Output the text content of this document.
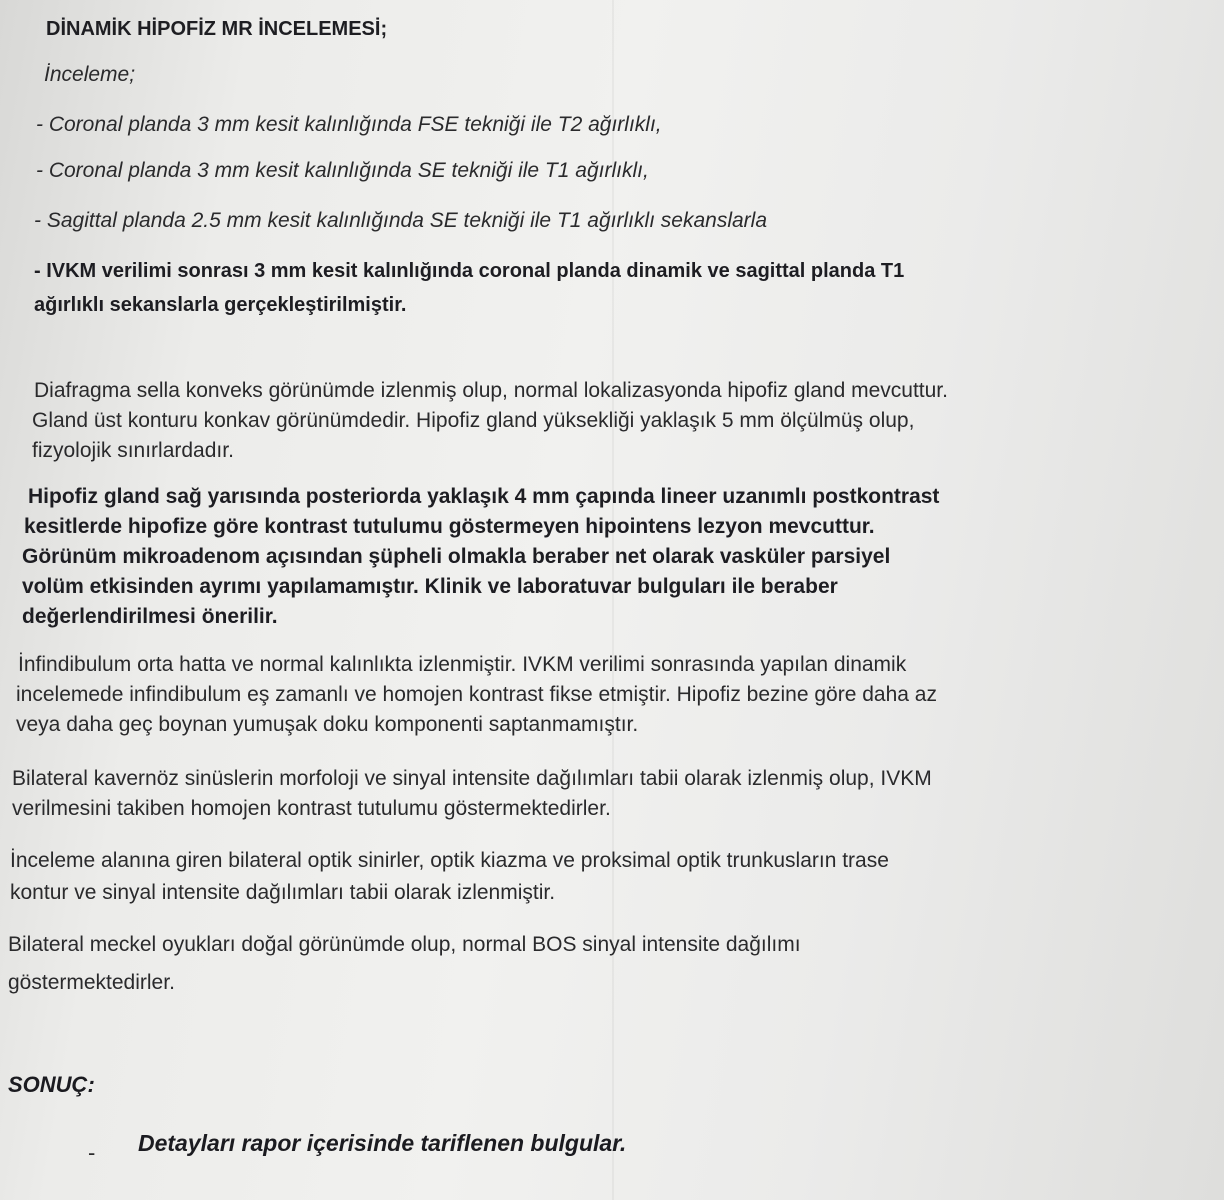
DİNAMİK HİPOFİZ MR İNCELEMESİ;
İnceleme;
- Coronal planda 3 mm kesit kalınlığında FSE tekniği ile T2 ağırlıklı,
- Coronal planda 3 mm kesit kalınlığında SE tekniği ile T1 ağırlıklı,
- Sagittal planda 2.5 mm kesit kalınlığında SE tekniği ile T1 ağırlıklı sekanslarla
- IVKM verilimi sonrası 3 mm kesit kalınlığında coronal planda dinamik ve sagittal planda T1
ağırlıklı sekanslarla gerçekleştirilmiştir.
Diafragma sella konveks görünümde izlenmiş olup, normal lokalizasyonda hipofiz gland mevcuttur.
Gland üst konturu konkav görünümdedir. Hipofiz gland yüksekliği yaklaşık 5 mm ölçülmüş olup,
fizyolojik sınırlardadır.
Hipofiz gland sağ yarısında posteriorda yaklaşık 4 mm çapında lineer uzanımlı postkontrast
kesitlerde hipofize göre kontrast tutulumu göstermeyen hipointens lezyon mevcuttur.
Görünüm mikroadenom açısından şüpheli olmakla beraber net olarak vasküler parsiyel
volüm etkisinden ayrımı yapılamamıştır. Klinik ve laboratuvar bulguları ile beraber
değerlendirilmesi önerilir.
İnfindibulum orta hatta ve normal kalınlıkta izlenmiştir. IVKM verilimi sonrasında yapılan dinamik
incelemede infindibulum eş zamanlı ve homojen kontrast fikse etmiştir. Hipofiz bezine göre daha az
veya daha geç boynan yumuşak doku komponenti saptanmamıştır.
Bilateral kavernöz sinüslerin morfoloji ve sinyal intensite dağılımları tabii olarak izlenmiş olup, IVKM
verilmesini takiben homojen kontrast tutulumu göstermektedirler.
İnceleme alanına giren bilateral optik sinirler, optik kiazma ve proksimal optik trunkusların trase
kontur ve sinyal intensite dağılımları tabii olarak izlenmiştir.
Bilateral meckel oyukları doğal görünümde olup, normal BOS sinyal intensite dağılımı
göstermektedirler.
SONUÇ:
- Detayları rapor içerisinde tariflenen bulgular.
